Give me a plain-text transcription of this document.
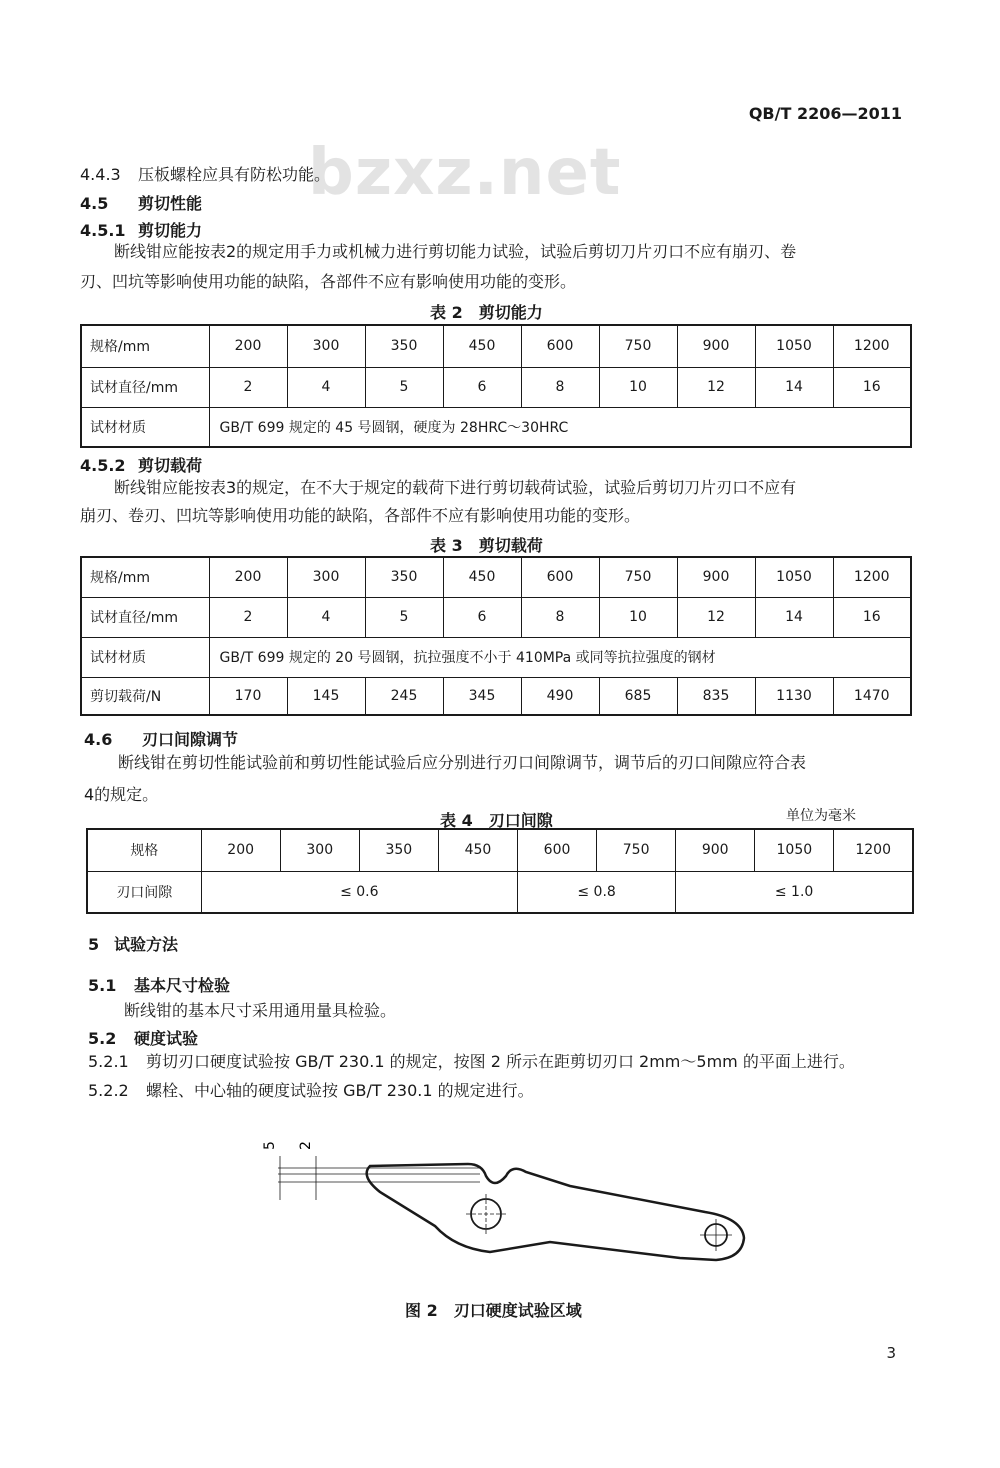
QB/T 2206—2011
bzxz.net
4.4.3 压板螺栓应具有防松功能。
4.5 剪切性能
4.5.1 剪切能力
断线钳应能按表2的规定用手力或机械力进行剪切能力试验，试验后剪切刀片刃口不应有崩刃、卷
刃、凹坑等影响使用功能的缺陷，各部件不应有影响使用功能的变形。
表 2　剪切能力
规格/mm	200	300	350	450	600	750	900	1050	1200
试材直径/mm	2	4	5	6	8	10	12	14	16
试材材质	GB/T 699 规定的 45 号圆钢，硬度为 28HRC～30HRC								
4.5.2 剪切载荷
断线钳应能按表3的规定，在不大于规定的载荷下进行剪切载荷试验，试验后剪切刀片刃口不应有
崩刃、卷刃、凹坑等影响使用功能的缺陷，各部件不应有影响使用功能的变形。
表 3　剪切载荷
规格/mm	200	300	350	450	600	750	900	1050	1200
试材直径/mm	2	4	5	6	8	10	12	14	16
试材材质	GB/T 699 规定的 20 号圆钢，抗拉强度不小于 410MPa 或同等抗拉强度的钢材								
剪切载荷/N	170	145	245	345	490	685	835	1130	1470
4.6 刃口间隙调节
断线钳在剪切性能试验前和剪切性能试验后应分别进行刃口间隙调节，调节后的刃口间隙应符合表
4的规定。
表 4　刃口间隙	单位为毫米
规格	200	300	350	450	600	750	900	1050	1200
刃口间隙	≤ 0.6				≤ 0.8		≤ 1.0		
5 试验方法
5.1 基本尺寸检验
断线钳的基本尺寸采用通用量具检验。
5.2 硬度试验
5.2.1 剪切刃口硬度试验按 GB/T 230.1 的规定，按图 2 所示在距剪切刃口 2mm～5mm 的平面上进行。
5.2.2 螺栓、中心轴的硬度试验按 GB/T 230.1 的规定进行。
5 2
图 2　刃口硬度试验区域
3
